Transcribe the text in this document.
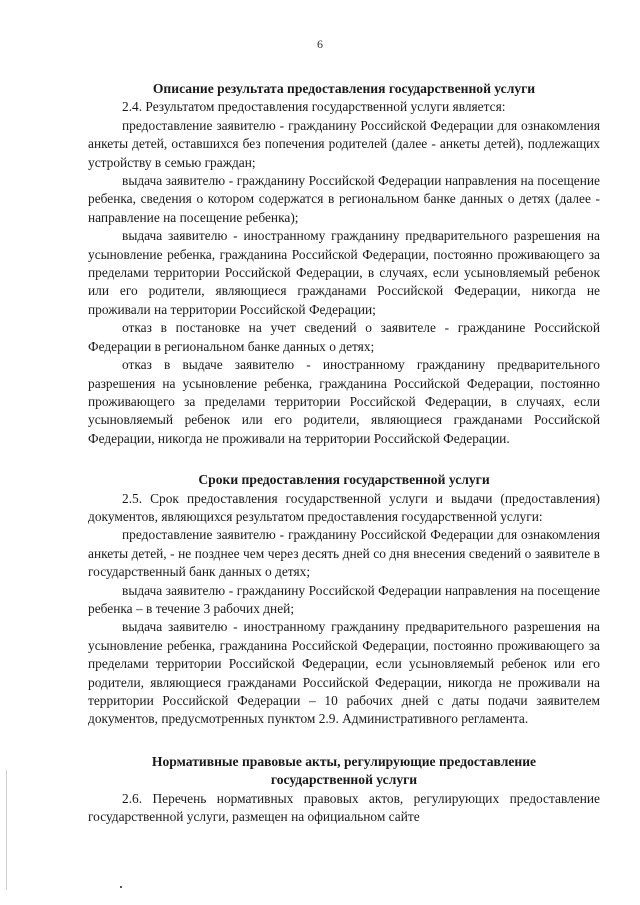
6
Описание результата предоставления государственной услуги

2.4. Результатом предоставления государственной услуги является:

предоставление заявителю - гражданину Российской Федерации для ознакомления анкеты детей, оставшихся без попечения родителей (далее - анкеты детей), подлежащих устройству в семью граждан;

выдача заявителю - гражданину Российской Федерации направления на посещение ребенка, сведения о котором содержатся в региональном банке данных о детях (далее - направление на посещение ребенка);

выдача заявителю - иностранному гражданину предварительного разрешения на усыновление ребенка, гражданина Российской Федерации, постоянно проживающего за пределами территории Российской Федерации, в случаях, если усыновляемый ребенок или его родители, являющиеся гражданами Российской Федерации, никогда не проживали на территории Российской Федерации;

отказ в постановке на учет сведений о заявителе - гражданине Российской Федерации в региональном банке данных о детях;

отказ в выдаче заявителю - иностранному гражданину предварительного разрешения на усыновление ребенка, гражданина Российской Федерации, постоянно проживающего за пределами территории Российской Федерации, в случаях, если усыновляемый ребенок или его родители, являющиеся гражданами Российской Федерации, никогда не проживали на территории Российской Федерации.

Сроки предоставления государственной услуги

2.5. Срок предоставления государственной услуги и выдачи (предоставления) документов, являющихся результатом предоставления государственной услуги:

предоставление заявителю - гражданину Российской Федерации для ознакомления анкеты детей, - не позднее чем через десять дней со дня внесения сведений о заявителе в государственный банк данных о детях;

выдача заявителю - гражданину Российской Федерации направления на посещение ребенка – в течение 3 рабочих дней;

выдача заявителю - иностранному гражданину предварительного разрешения на усыновление ребенка, гражданина Российской Федерации, постоянно проживающего за пределами территории Российской Федерации, если усыновляемый ребенок или его родители, являющиеся гражданами Российской Федерации, никогда не проживали на территории Российской Федерации – 10 рабочих дней с даты подачи заявителем документов, предусмотренных пунктом 2.9. Административного регламента.

Нормативные правовые акты, регулирующие предоставление
государственной услуги

2.6. Перечень нормативных правовых актов, регулирующих предоставление государственной услуги, размещен на официальном сайте
